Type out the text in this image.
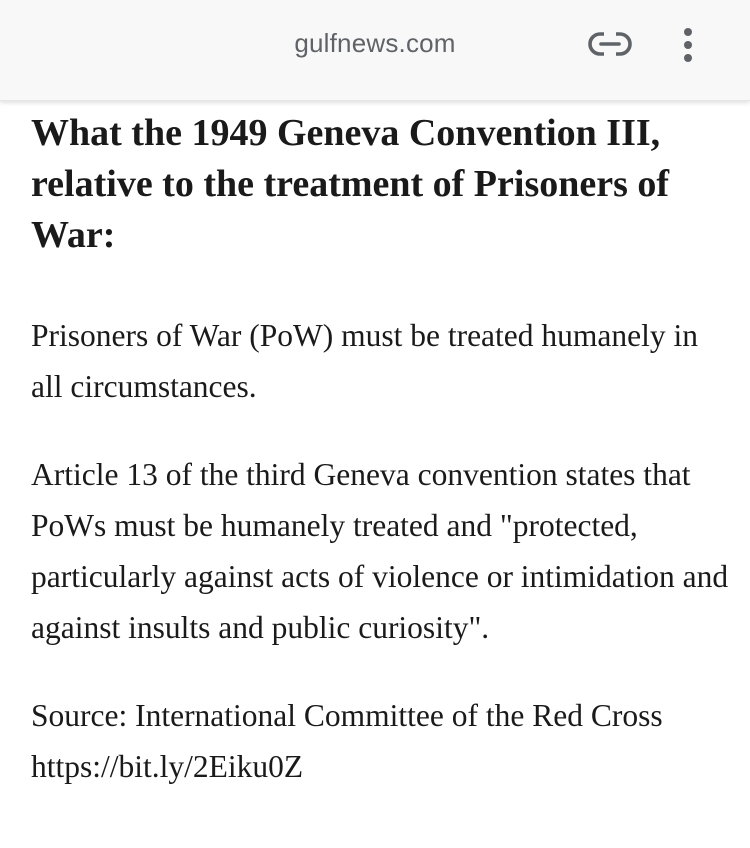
gulfnews.com
What the 1949 Geneva Convention III, relative to the treatment of Prisoners of War:

Prisoners of War (PoW) must be treated humanely in all circumstances.

Article 13 of the third Geneva convention states that PoWs must be humanely treated and "protected, particularly against acts of violence or intimidation and against insults and public curiosity".

Source: International Committee of the Red Cross https://bit.ly/2Eiku0Z
